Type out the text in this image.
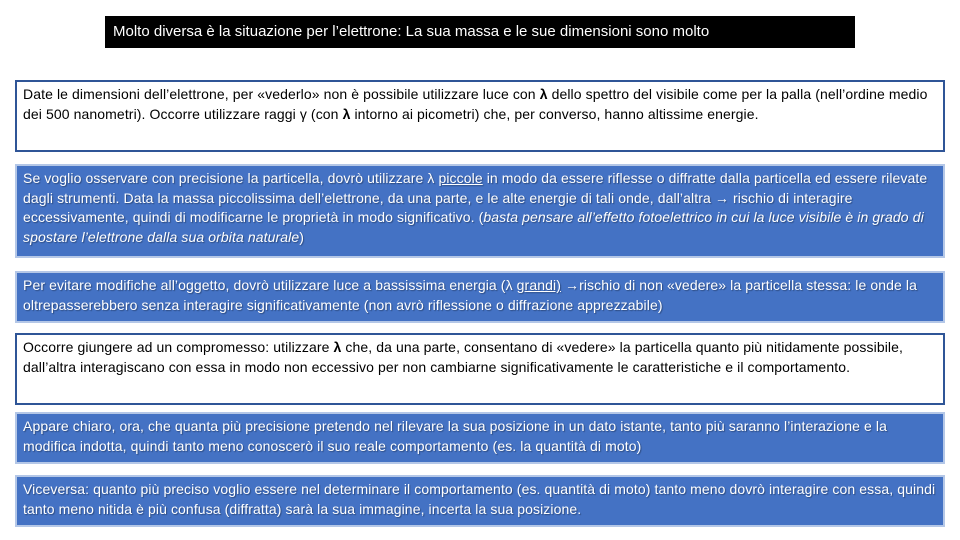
Molto diversa è la situazione per l’elettrone: La sua massa e le sue dimensioni sono molto
Date le dimensioni dell’elettrone, per «vederlo» non è possibile utilizzare luce con λ dello spettro del visibile come per la palla (nell’ordine medio dei 500 nanometri). Occorre utilizzare raggi γ (con λ intorno ai picometri) che, per converso, hanno altissime energie.
Se voglio osservare con precisione la particella, dovrò utilizzare λ piccole in modo da essere riflesse o diffratte dalla particella ed essere rilevate dagli strumenti. Data la massa piccolissima dell’elettrone, da una parte, e le alte energie di tali onde, dall’altra → rischio di interagire eccessivamente, quindi di modificarne le proprietà in modo significativo. (basta pensare all’effetto fotoelettrico in cui la luce visibile è in grado di spostare l’elettrone dalla sua orbita naturale)
Per evitare modifiche all’oggetto, dovrò utilizzare luce a bassissima energia (λ grandi) →rischio di non «vedere» la particella stessa: le onde la oltrepasserebbero senza interagire significativamente (non avrò riflessione o diffrazione apprezzabile)
Occorre giungere ad un compromesso: utilizzare λ che, da una parte, consentano di «vedere» la particella quanto più nitidamente possibile, dall’altra interagiscano con essa in modo non eccessivo per non cambiarne significativamente le caratteristiche e il comportamento.
Appare chiaro, ora, che quanta più precisione pretendo nel rilevare la sua posizione in un dato istante, tanto più saranno l’interazione e la modifica indotta, quindi tanto meno conoscerò il suo reale comportamento (es. la quantità di moto)
Viceversa: quanto più preciso voglio essere nel determinare il comportamento (es. quantità di moto) tanto meno dovrò interagire con essa, quindi tanto meno nitida è più confusa (diffratta) sarà la sua immagine, incerta la sua posizione.
